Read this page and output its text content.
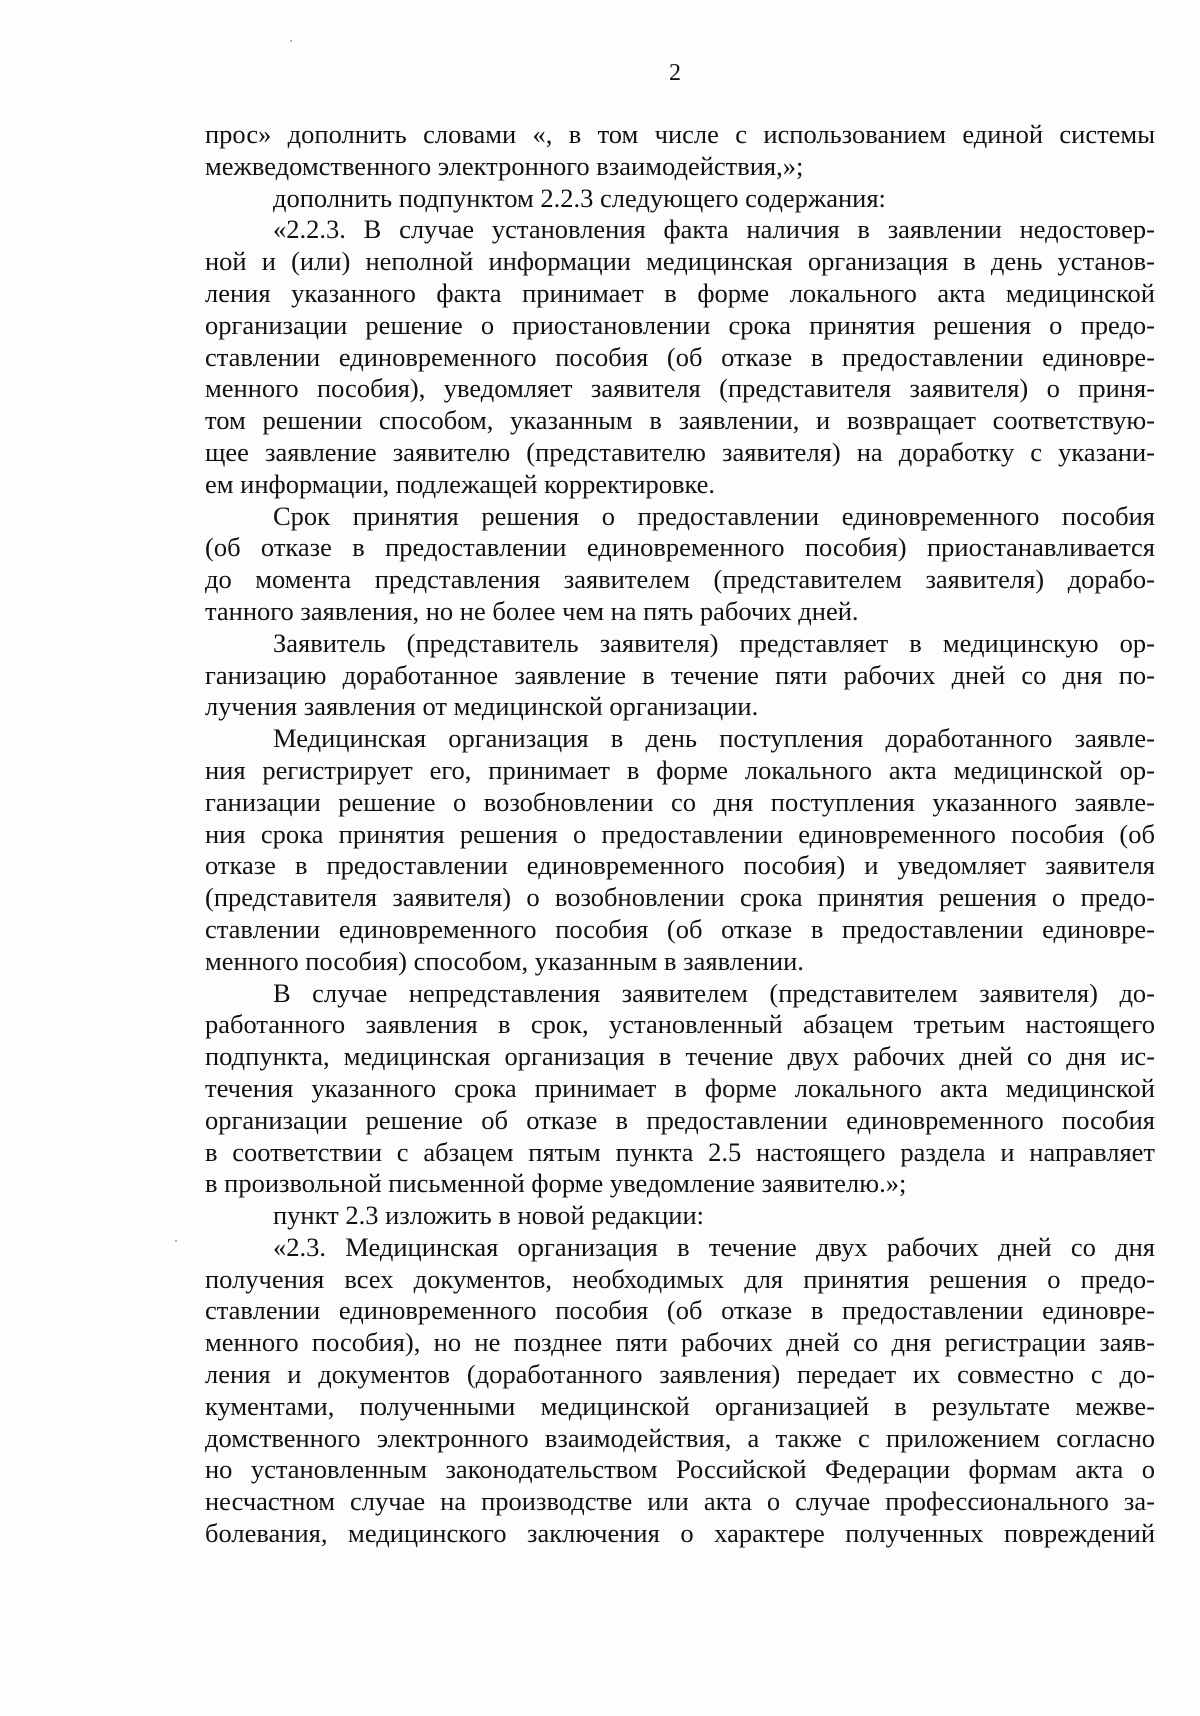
2
прос» дополнить словами «, в том числе с использованием единой системы
межведомственного электронного взаимодействия,»;
дополнить подпунктом 2.2.3 следующего содержания:
«2.2.3. В случае установления факта наличия в заявлении недостовер-
ной и (или) неполной информации медицинская организация в день установ-
ления указанного факта принимает в форме локального акта медицинской
организации решение о приостановлении срока принятия решения о предо-
ставлении единовременного пособия (об отказе в предоставлении единовре-
менного пособия), уведомляет заявителя (представителя заявителя) о приня-
том решении способом, указанным в заявлении, и возвращает соответствую-
щее заявление заявителю (представителю заявителя) на доработку с указани-
ем информации, подлежащей корректировке.
Срок принятия решения о предоставлении единовременного пособия
(об отказе в предоставлении единовременного пособия) приостанавливается
до момента представления заявителем (представителем заявителя) дорабо-
танного заявления, но не более чем на пять рабочих дней.
Заявитель (представитель заявителя) представляет в медицинскую ор-
ганизацию доработанное заявление в течение пяти рабочих дней со дня по-
лучения заявления от медицинской организации.
Медицинская организация в день поступления доработанного заявле-
ния регистрирует его, принимает в форме локального акта медицинской ор-
ганизации решение о возобновлении со дня поступления указанного заявле-
ния срока принятия решения о предоставлении единовременного пособия (об
отказе в предоставлении единовременного пособия) и уведомляет заявителя
(представителя заявителя) о возобновлении срока принятия решения о предо-
ставлении единовременного пособия (об отказе в предоставлении единовре-
менного пособия) способом, указанным в заявлении.
В случае непредставления заявителем (представителем заявителя) до-
работанного заявления в срок, установленный абзацем третьим настоящего
подпункта, медицинская организация в течение двух рабочих дней со дня ис-
течения указанного срока принимает в форме локального акта медицинской
организации решение об отказе в предоставлении единовременного пособия
в соответствии с абзацем пятым пункта 2.5 настоящего раздела и направляет
в произвольной письменной форме уведомление заявителю.»;
пункт 2.3 изложить в новой редакции:
«2.3. Медицинская организация в течение двух рабочих дней со дня
получения всех документов, необходимых для принятия решения о предо-
ставлении единовременного пособия (об отказе в предоставлении единовре-
менного пособия), но не позднее пяти рабочих дней со дня регистрации заяв-
ления и документов (доработанного заявления) передает их совместно с до-
кументами, полученными медицинской организацией в результате межве-
домственного электронного взаимодействия, а также с приложением согласно
но установленным законодательством Российской Федерации формам акта о
несчастном случае на производстве или акта о случае профессионального за-
болевания, медицинского заключения о характере полученных повреждений
